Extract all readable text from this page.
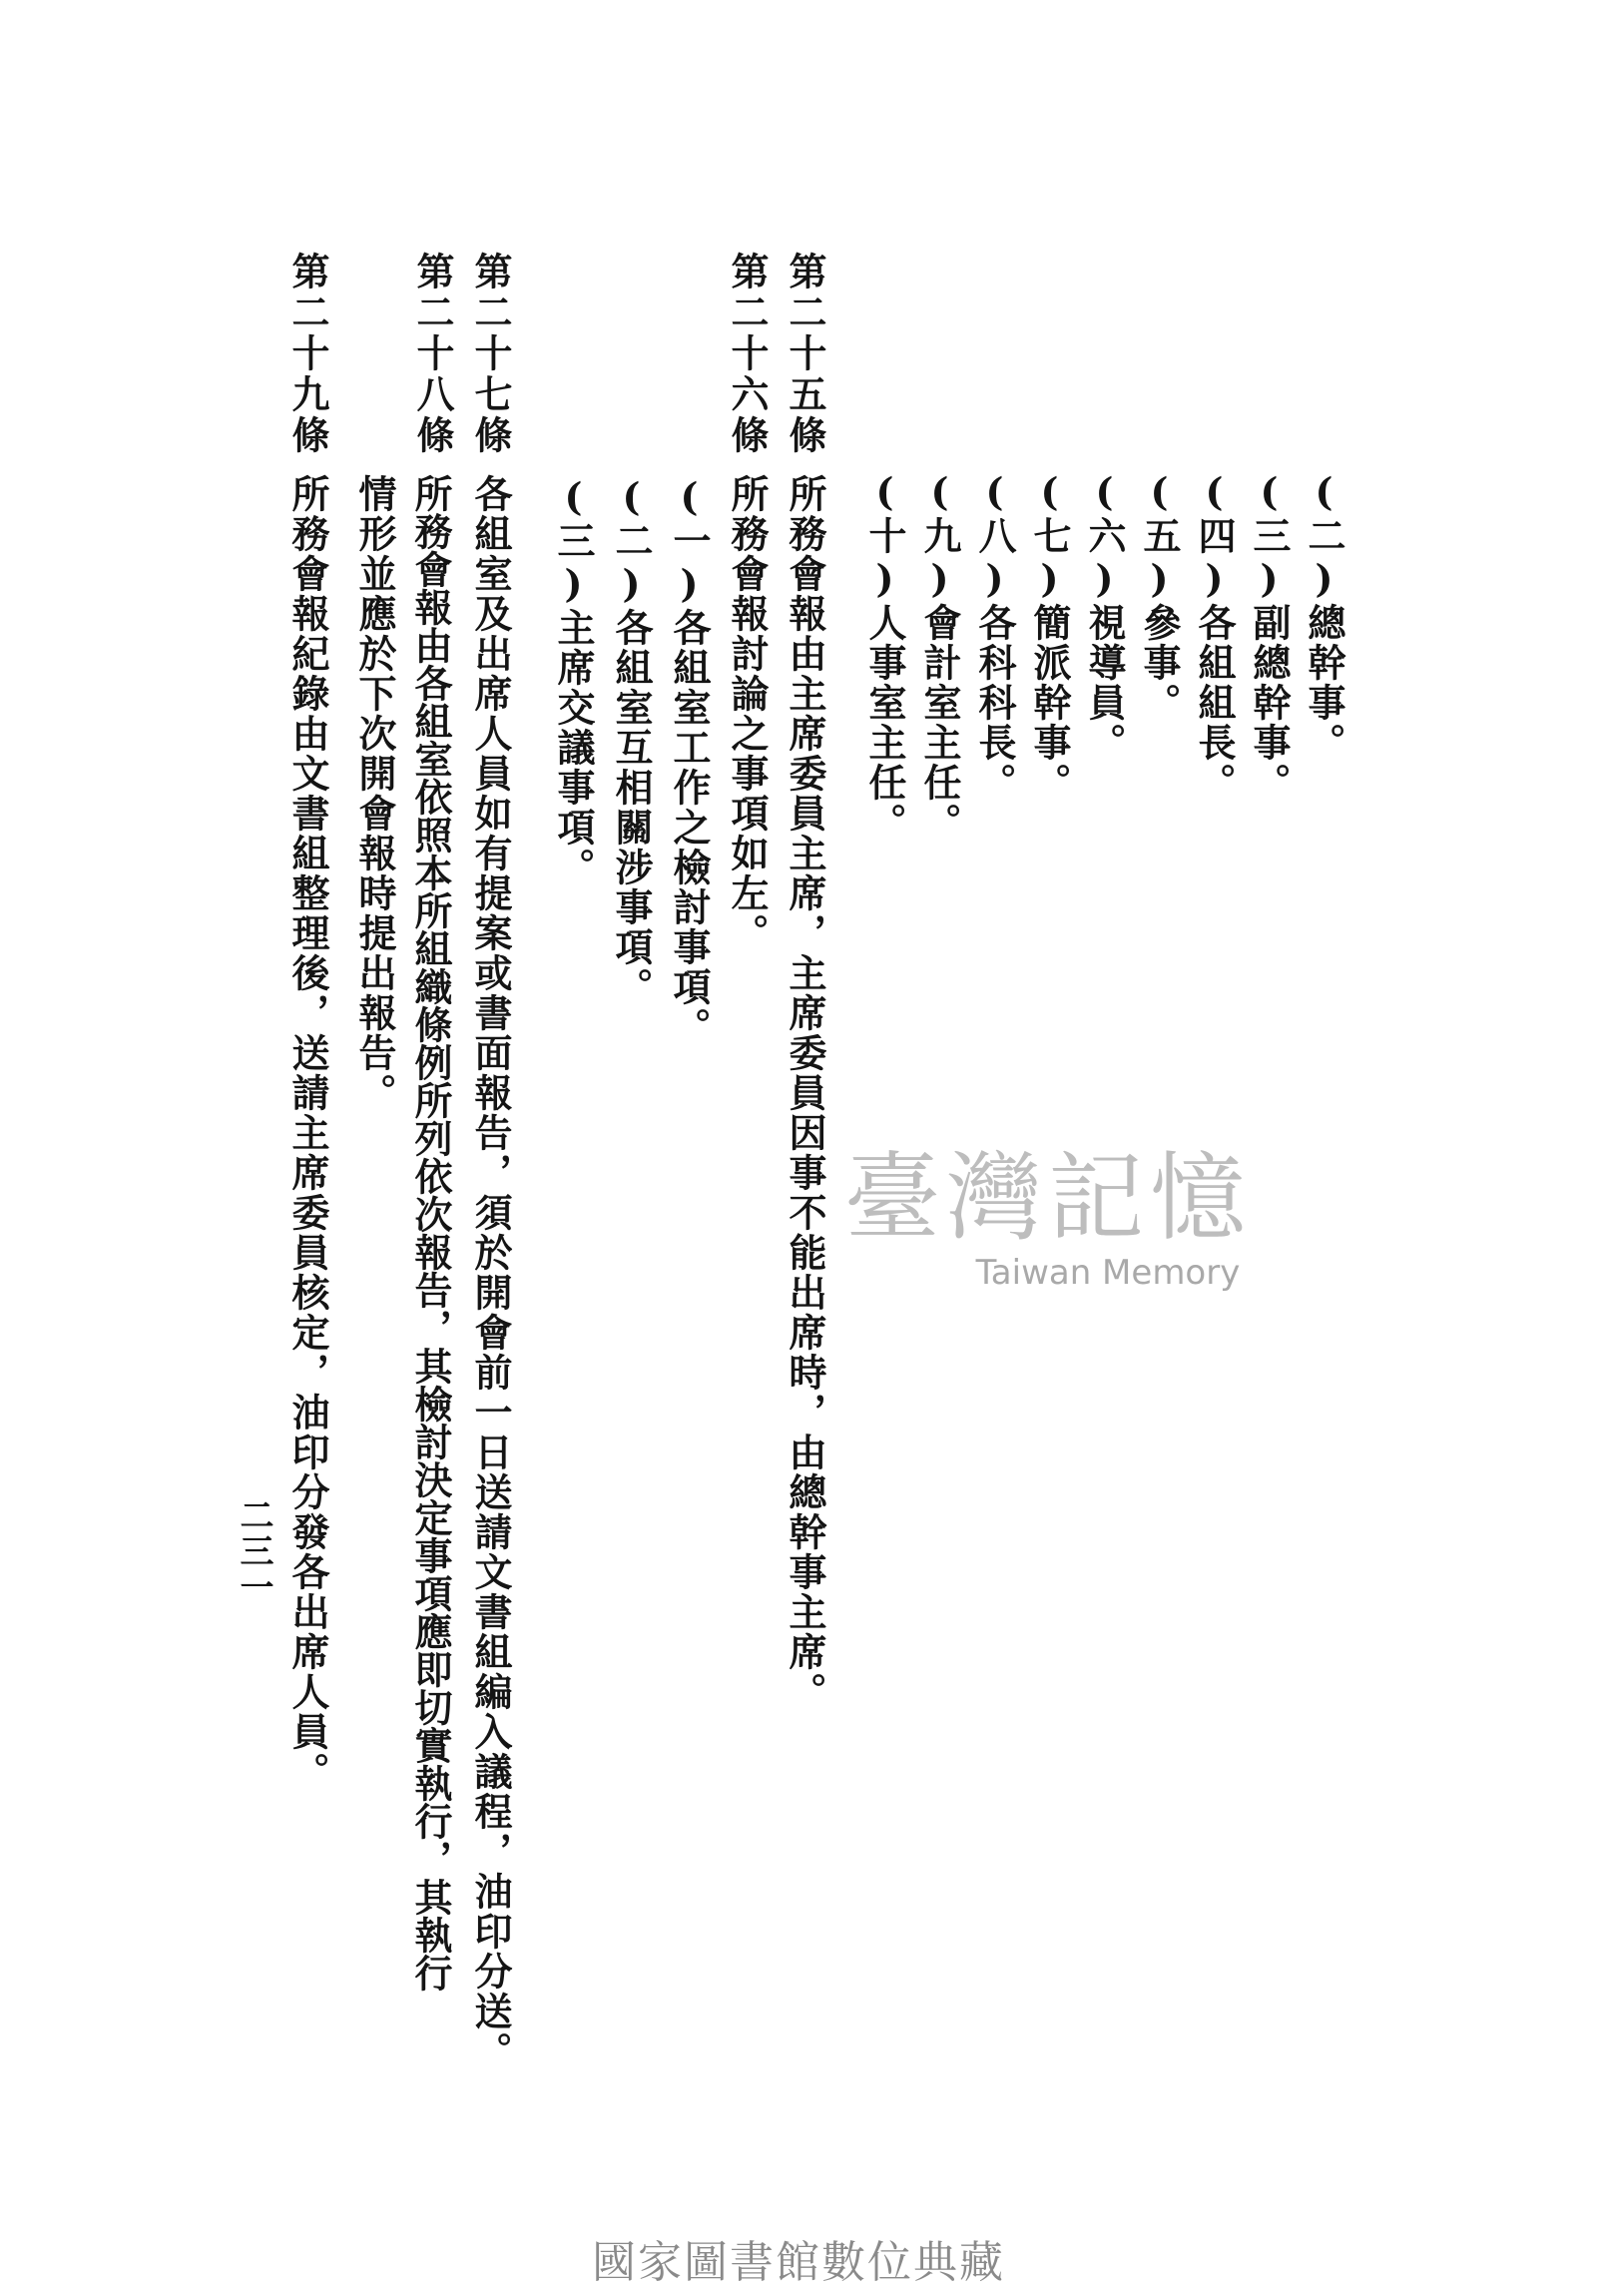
(二)總幹事。
(三)副總幹事。
(四)各組組長。
(五)參事。
(六)視導員。
(七)簡派幹事。
(八)各科科長。
(九)會計室主任。
(十)人事室主任。
第二十五條
所務會報由主席委員主席，主席委員因事不能出席時，由總幹事主席。
第二十六條
所務會報討論之事項如左。
(一)各組室工作之檢討事項。
(二)各組室互相關涉事項。
(三)主席交議事項。
第二十七條
各組室及出席人員如有提案或書面報告，須於開會前一日送請文書組編入議程，油印分送。
第二十八條
所務會報由各組室依照本所組織條例所列依次報告，其檢討決定事項應即切實執行，其執行
情形並應於下次開會報時提出報告。
第二十九條
所務會報紀錄由文書組整理後，送請主席委員核定，油印分發各出席人員。
二三一
臺灣記憶
Taiwan Memory
國家圖書館數位典藏
